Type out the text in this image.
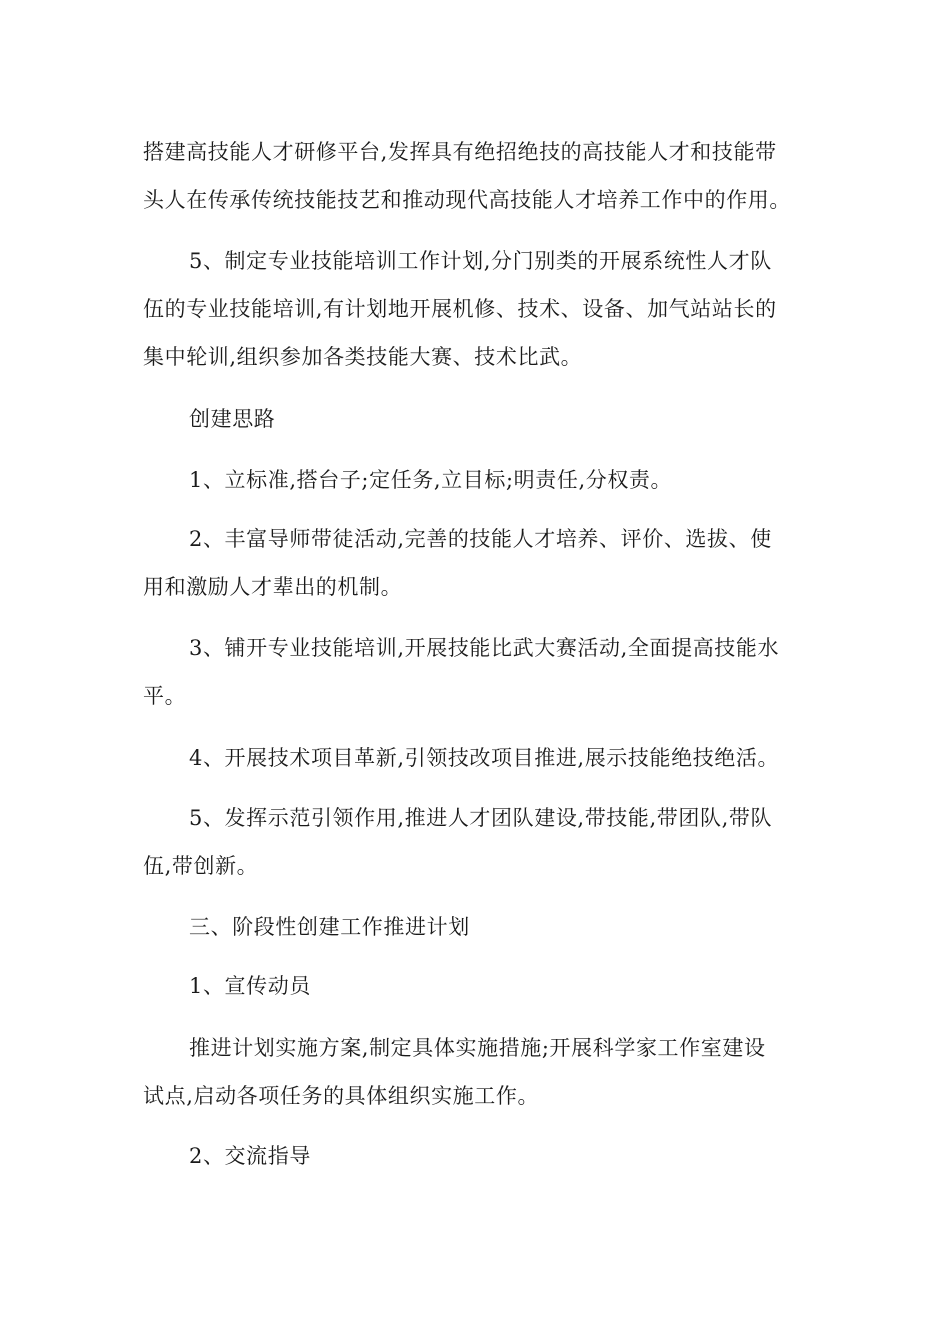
搭建高技能人才研修平台,发挥具有绝招绝技的高技能人才和技能带
头人在传承传统技能技艺和推动现代高技能人才培养工作中的作用。
5、制定专业技能培训工作计划,分门别类的开展系统性人才队
伍的专业技能培训,有计划地开展机修、技术、设备、加气站站长的
集中轮训,组织参加各类技能大赛、技术比武。
创建思路
1、立标准,搭台子;定任务,立目标;明责任,分权责。
2、丰富导师带徒活动,完善的技能人才培养、评价、选拔、使
用和激励人才辈出的机制。
3、铺开专业技能培训,开展技能比武大赛活动,全面提高技能水
平。
4、开展技术项目革新,引领技改项目推进,展示技能绝技绝活。
5、发挥示范引领作用,推进人才团队建设,带技能,带团队,带队
伍,带创新。
三、阶段性创建工作推进计划
1、宣传动员
推进计划实施方案,制定具体实施措施;开展科学家工作室建设
试点,启动各项任务的具体组织实施工作。
2、交流指导
